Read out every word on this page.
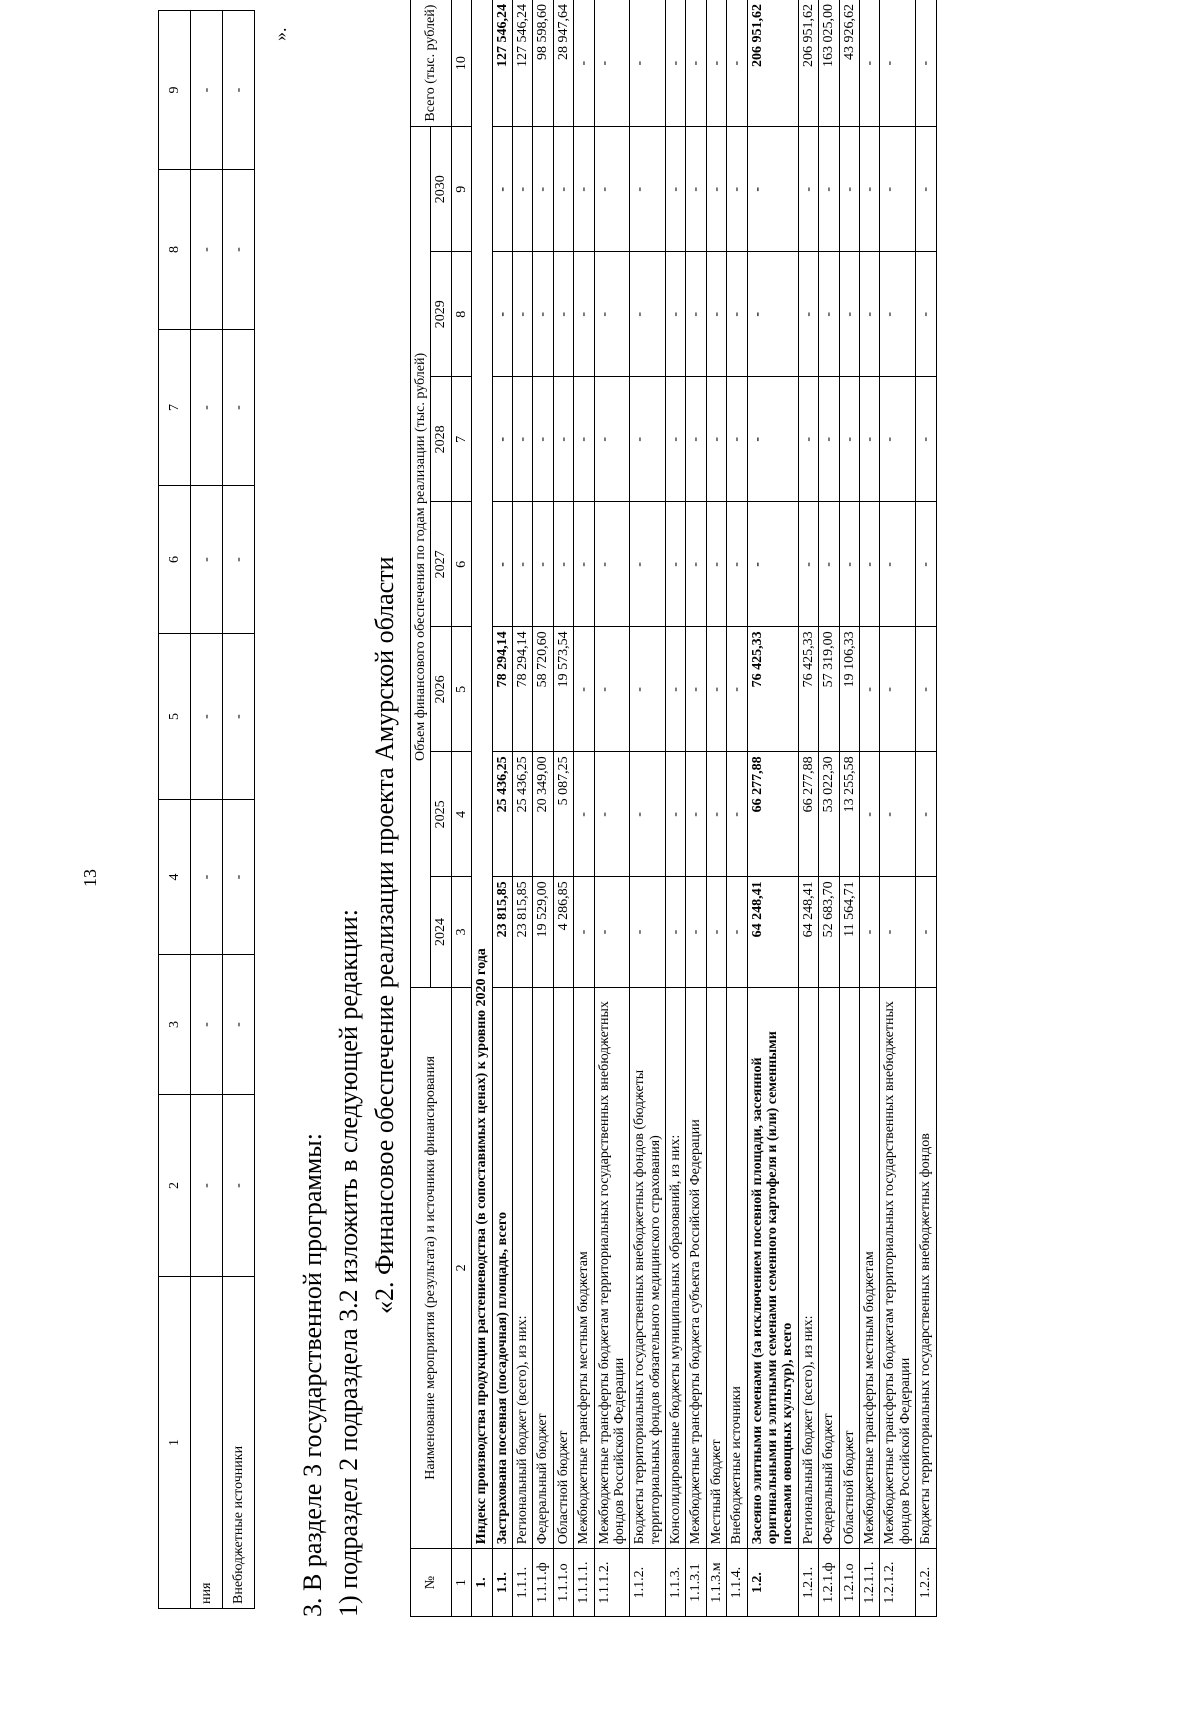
13
1	2	3	4	5	6	7	8	9
ния	-	-	-	-	-	-	-	-
Внебюджетные источники	-	-	-	-	-	-	-	-
».
3. В разделе 3 государственной программы: 1) подраздел 2 подраздела 3.2 изложить в следующей редакции: «2. Финансовое обеспечение реализации проекта Амурской области
№	Наименование мероприятия (результата) и источники финансирования	Объем финансового обеспечения по годам реализации (тыс. рублей)							Всего (тыс. рублей)
		2024	2025	2026	2027	2028	2029	2030	
1	2	3	4	5	6	7	8	9	10
1.	Индекс производства продукции растениеводства (в сопоставимых ценах) к уровню 2020 года								
1.1.	Застрахована посевная (посадочная) площадь, всего	23 815,85	25 436,25	78 294,14	-	-	-	-	127 546,24
1.1.1.	Региональный бюджет (всего), из них:	23 815,85	25 436,25	78 294,14	-	-	-	-	127 546,24
1.1.1.ф	Федеральный бюджет	19 529,00	20 349,00	58 720,60	-	-	-	-	98 598,60
1.1.1.о	Областной бюджет	4 286,85	5 087,25	19 573,54	-	-	-	-	28 947,64
1.1.1.1.	Межбюджетные трансферты местным бюджетам	-	-	-	-	-	-	-	-
1.1.1.2.	Межбюджетные трансферты бюджетам территориальных государственных внебюджетных фондов Российской Федерации	-	-	-	-	-	-	-	-
1.1.2.	Бюджеты территориальных государственных внебюджетных фондов (бюджеты территориальных фондов обязательного медицинского страхования)	-	-	-	-	-	-	-	-
1.1.3.	Консолидированные бюджеты муниципальных образований, из них:	-	-	-	-	-	-	-	-
1.1.3.1	Межбюджетные трансферты бюджета субъекта Российской Федерации	-	-	-	-	-	-	-	-
1.1.3.м	Местный бюджет	-	-	-	-	-	-	-	-
1.1.4.	Внебюджетные источники	-	-	-	-	-	-	-	-
1.2.	Засеяно элитными семенами (за исключением посевной площади, засеянной оригинальными и элитными семенами семенного картофеля и (или) семенными посевами овощных культур), всего	64 248,41	66 277,88	76 425,33	-	-	-	-	206 951,62
1.2.1.	Региональный бюджет (всего), из них:	64 248,41	66 277,88	76 425,33	-	-	-	-	206 951,62
1.2.1.ф	Федеральный бюджет	52 683,70	53 022,30	57 319,00	-	-	-	-	163 025,00
1.2.1.о	Областной бюджет	11 564,71	13 255,58	19 106,33	-	-	-	-	43 926,62
1.2.1.1.	Межбюджетные трансферты местным бюджетам	-	-	-	-	-	-	-	-
1.2.1.2.	Межбюджетные трансферты бюджетам территориальных государственных внебюджетных фондов Российской Федерации	-	-	-	-	-	-	-	-
1.2.2.	Бюджеты территориальных государственных внебюджетных фондов	-	-	-	-	-	-	-	-
